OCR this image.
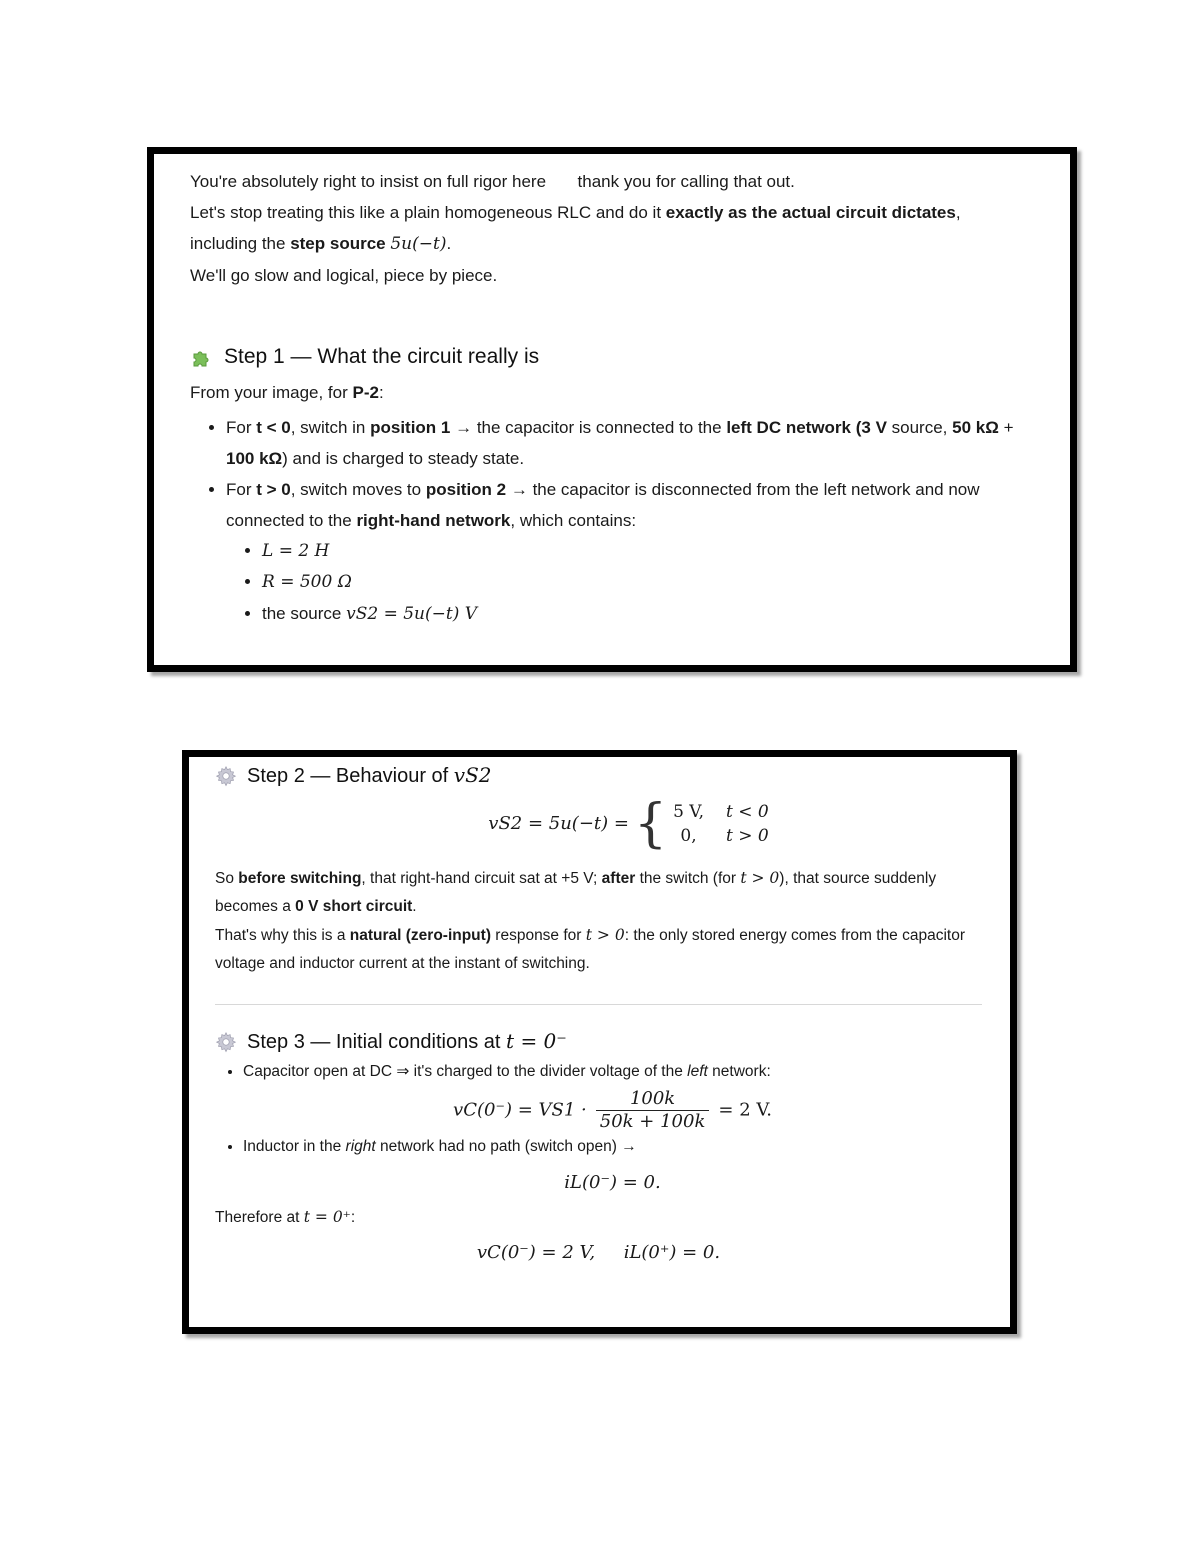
You're absolutely right to insist on full rigor here thank you for calling that out.

Let's stop treating this like a plain homogeneous RLC and do it exactly as the actual circuit dictates,

including the step source 5u(−t).

We'll go slow and logical, piece by piece.

Step 1 — What the circuit really is

From your image, for P-2:

• For t < 0, switch in position 1 → the capacitor is connected to the left DC network (3 V source, 50 kΩ + 100 kΩ) and is charged to steady state.
• For t > 0, switch moves to position 2 → the capacitor is disconnected from the left network and now connected to the right-hand network, which contains:
• L = 2 H
• R = 500 Ω
• the source vS2 = 5u(−t) V
Step 2 — Behaviour of vS2
vS2 = 5u(−t) = { 5 V, t < 0
0,	t > 0

So before switching, that right-hand circuit sat at +5 V; after the switch (for t > 0), that source suddenly becomes a 0 V short circuit.

That's why this is a natural (zero-input) response for t > 0: the only stored energy comes from the capacitor voltage and inductor current at the instant of switching.

Step 3 — Initial conditions at t = 0⁻
• Capacitor open at DC ⇒ it's charged to the divider voltage of the left network:
$vC(0^-) = VS1 \cdot \frac{100k}{50k + 100k} = 2$ V.
• Inductor in the right network had no path (switch open) →
iL(0⁻) = 0.

Therefore at t = 0⁺:

vC(0⁻) = 2 V,     iL(0⁺) = 0.
